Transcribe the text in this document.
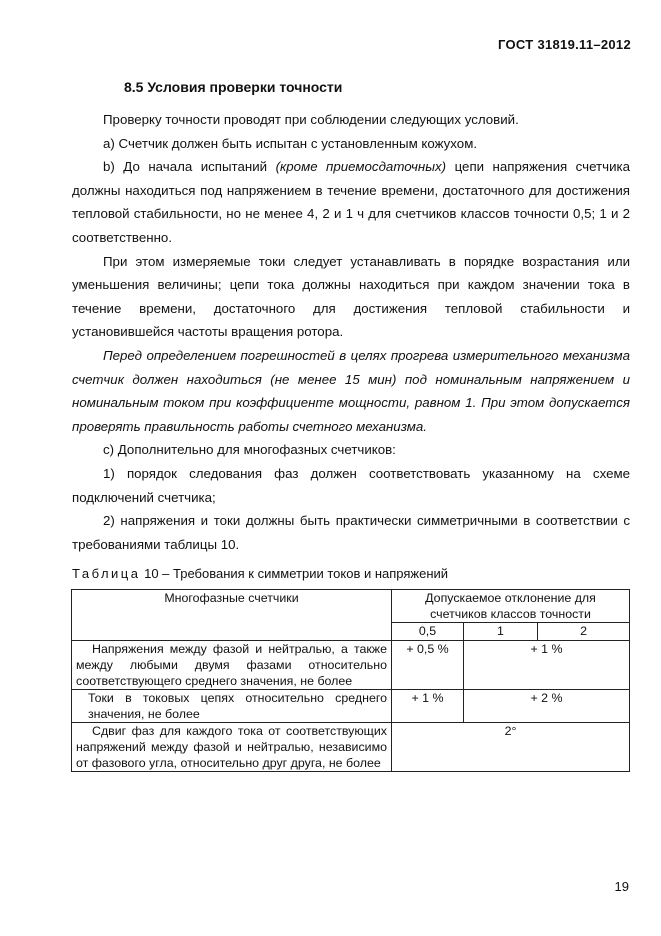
ГОСТ 31819.11–2012
8.5 Условия проверки точности

Проверку точности проводят при соблюдении следующих условий.

а) Счетчик должен быть испытан с установленным кожухом.

b) До начала испытаний (кроме приемосдаточных) цепи напряжения счетчика должны находиться под напряжением в течение времени, достаточного для достижения тепловой стабильности, но не менее 4, 2 и 1 ч для счетчиков классов точности 0,5; 1 и 2 соответственно.

При этом измеряемые токи следует устанавливать в порядке возрастания или уменьшения величины; цепи тока должны находиться при каждом значении тока в течение времени, достаточного для достижения тепловой стабильности и установившейся частоты вращения ротора.

Перед определением погрешностей в целях прогрева измерительного механизма счетчик должен находиться (не менее 15 мин) под номинальным напряжением и номинальным током при коэффициенте мощности, равном 1. При этом допускается проверять правильность работы счетного механизма.

с) Дополнительно для многофазных счетчиков:

1) порядок следования фаз должен соответствовать указанному на схеме подключений счетчика;

2) напряжения и токи должны быть практически симметричными в соответствии с требованиями таблицы 10.

Таблица 10 – Требования к симметрии токов и напряжений
Многофазные счетчики	Допускаемое отклонение для счетчиков классов точности		
	0,5	1	2

Напряжения между фазой и нейтралью, а также между любыми двумя фазами относительно соответствующего среднего значения, не более	+ 0,5 %	+ 1 %	

Токи в токовых цепях относительно среднего значения, не более	+ 1 %	+ 2 %	

Сдвиг фаз для каждого тока от соответствующих напряжений между фазой и нейтралью, независимо от фазового угла, относительно друг друга, не более	2°		
19
